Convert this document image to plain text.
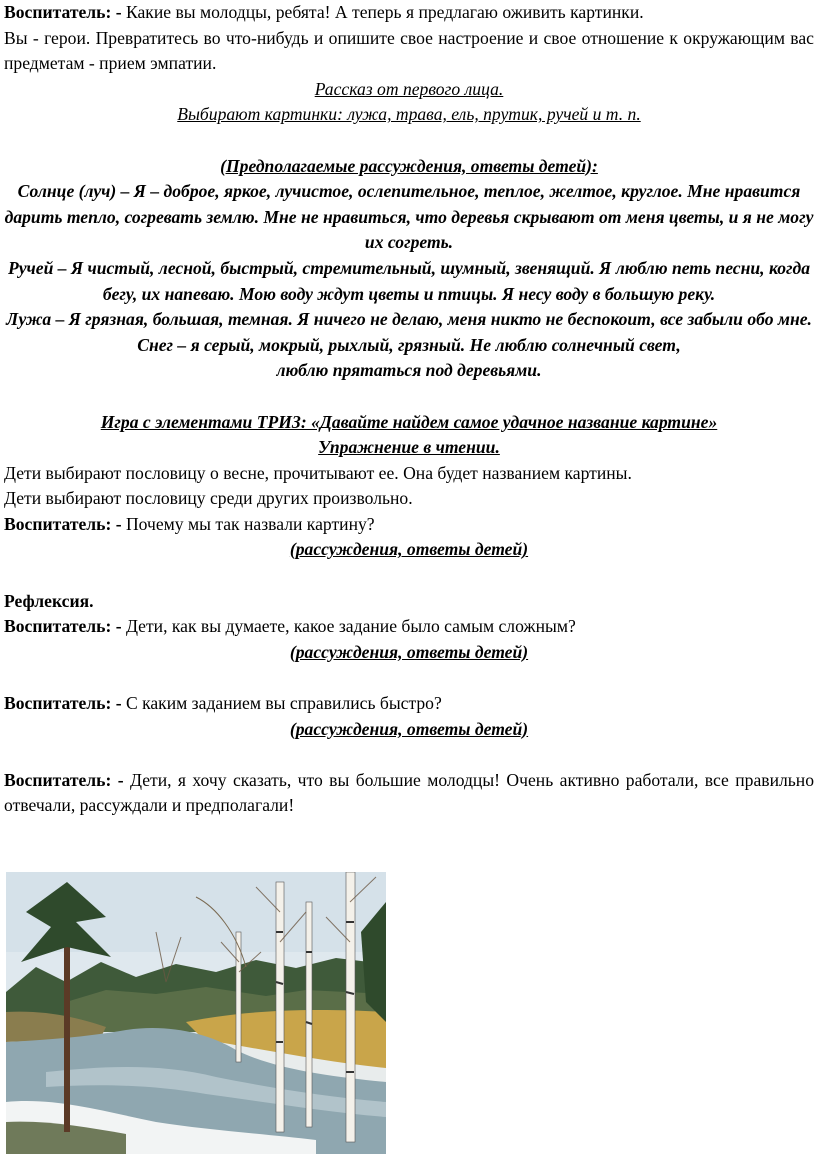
Воспитатель: - Какие вы молодцы, ребята! А теперь я предлагаю оживить картинки.

Вы - герои. Превратитесь во что-нибудь и опишите свое настроение и свое отношение к окружающим вас предметам - прием эмпатии.

Рассказ от первого лица.

Выбирают картинки: лужа, трава, ель, прутик, ручей и т. п.

(Предполагаемые рассуждения, ответы детей):

Солнце (луч) – Я – доброе, яркое, лучистое, ослепительное, теплое, желтое, круглое. Мне нравится дарить тепло, согревать землю. Мне не нравиться, что деревья скрывают от меня цветы, и я не могу их согреть.

Ручей – Я чистый, лесной, быстрый, стремительный, шумный, звенящий. Я люблю петь песни, когда бегу, их напеваю. Мою воду ждут цветы и птицы. Я несу воду в большую реку.

Лужа – Я грязная, большая, темная. Я ничего не делаю, меня никто не беспокоит, все забыли обо мне.

Снег – я серый, мокрый, рыхлый, грязный. Не люблю солнечный свет,

люблю прятаться под деревьями.

Игра с элементами ТРИЗ: «Давайте найдем самое удачное название картине»

Упражнение в чтении.

Дети выбирают пословицу о весне, прочитывают ее. Она будет названием картины.

Дети выбирают пословицу среди других произвольно.

Воспитатель: - Почему мы так назвали картину?

(рассуждения, ответы детей)

Рефлексия.

Воспитатель: - Дети, как вы думаете, какое задание было самым сложным?

(рассуждения, ответы детей)

Воспитатель: - С каким заданием вы справились быстро?

(рассуждения, ответы детей)

Воспитатель: - Дети, я хочу сказать, что вы большие молодцы! Очень активно работали, все правильно отвечали, рассуждали и предполагали!
